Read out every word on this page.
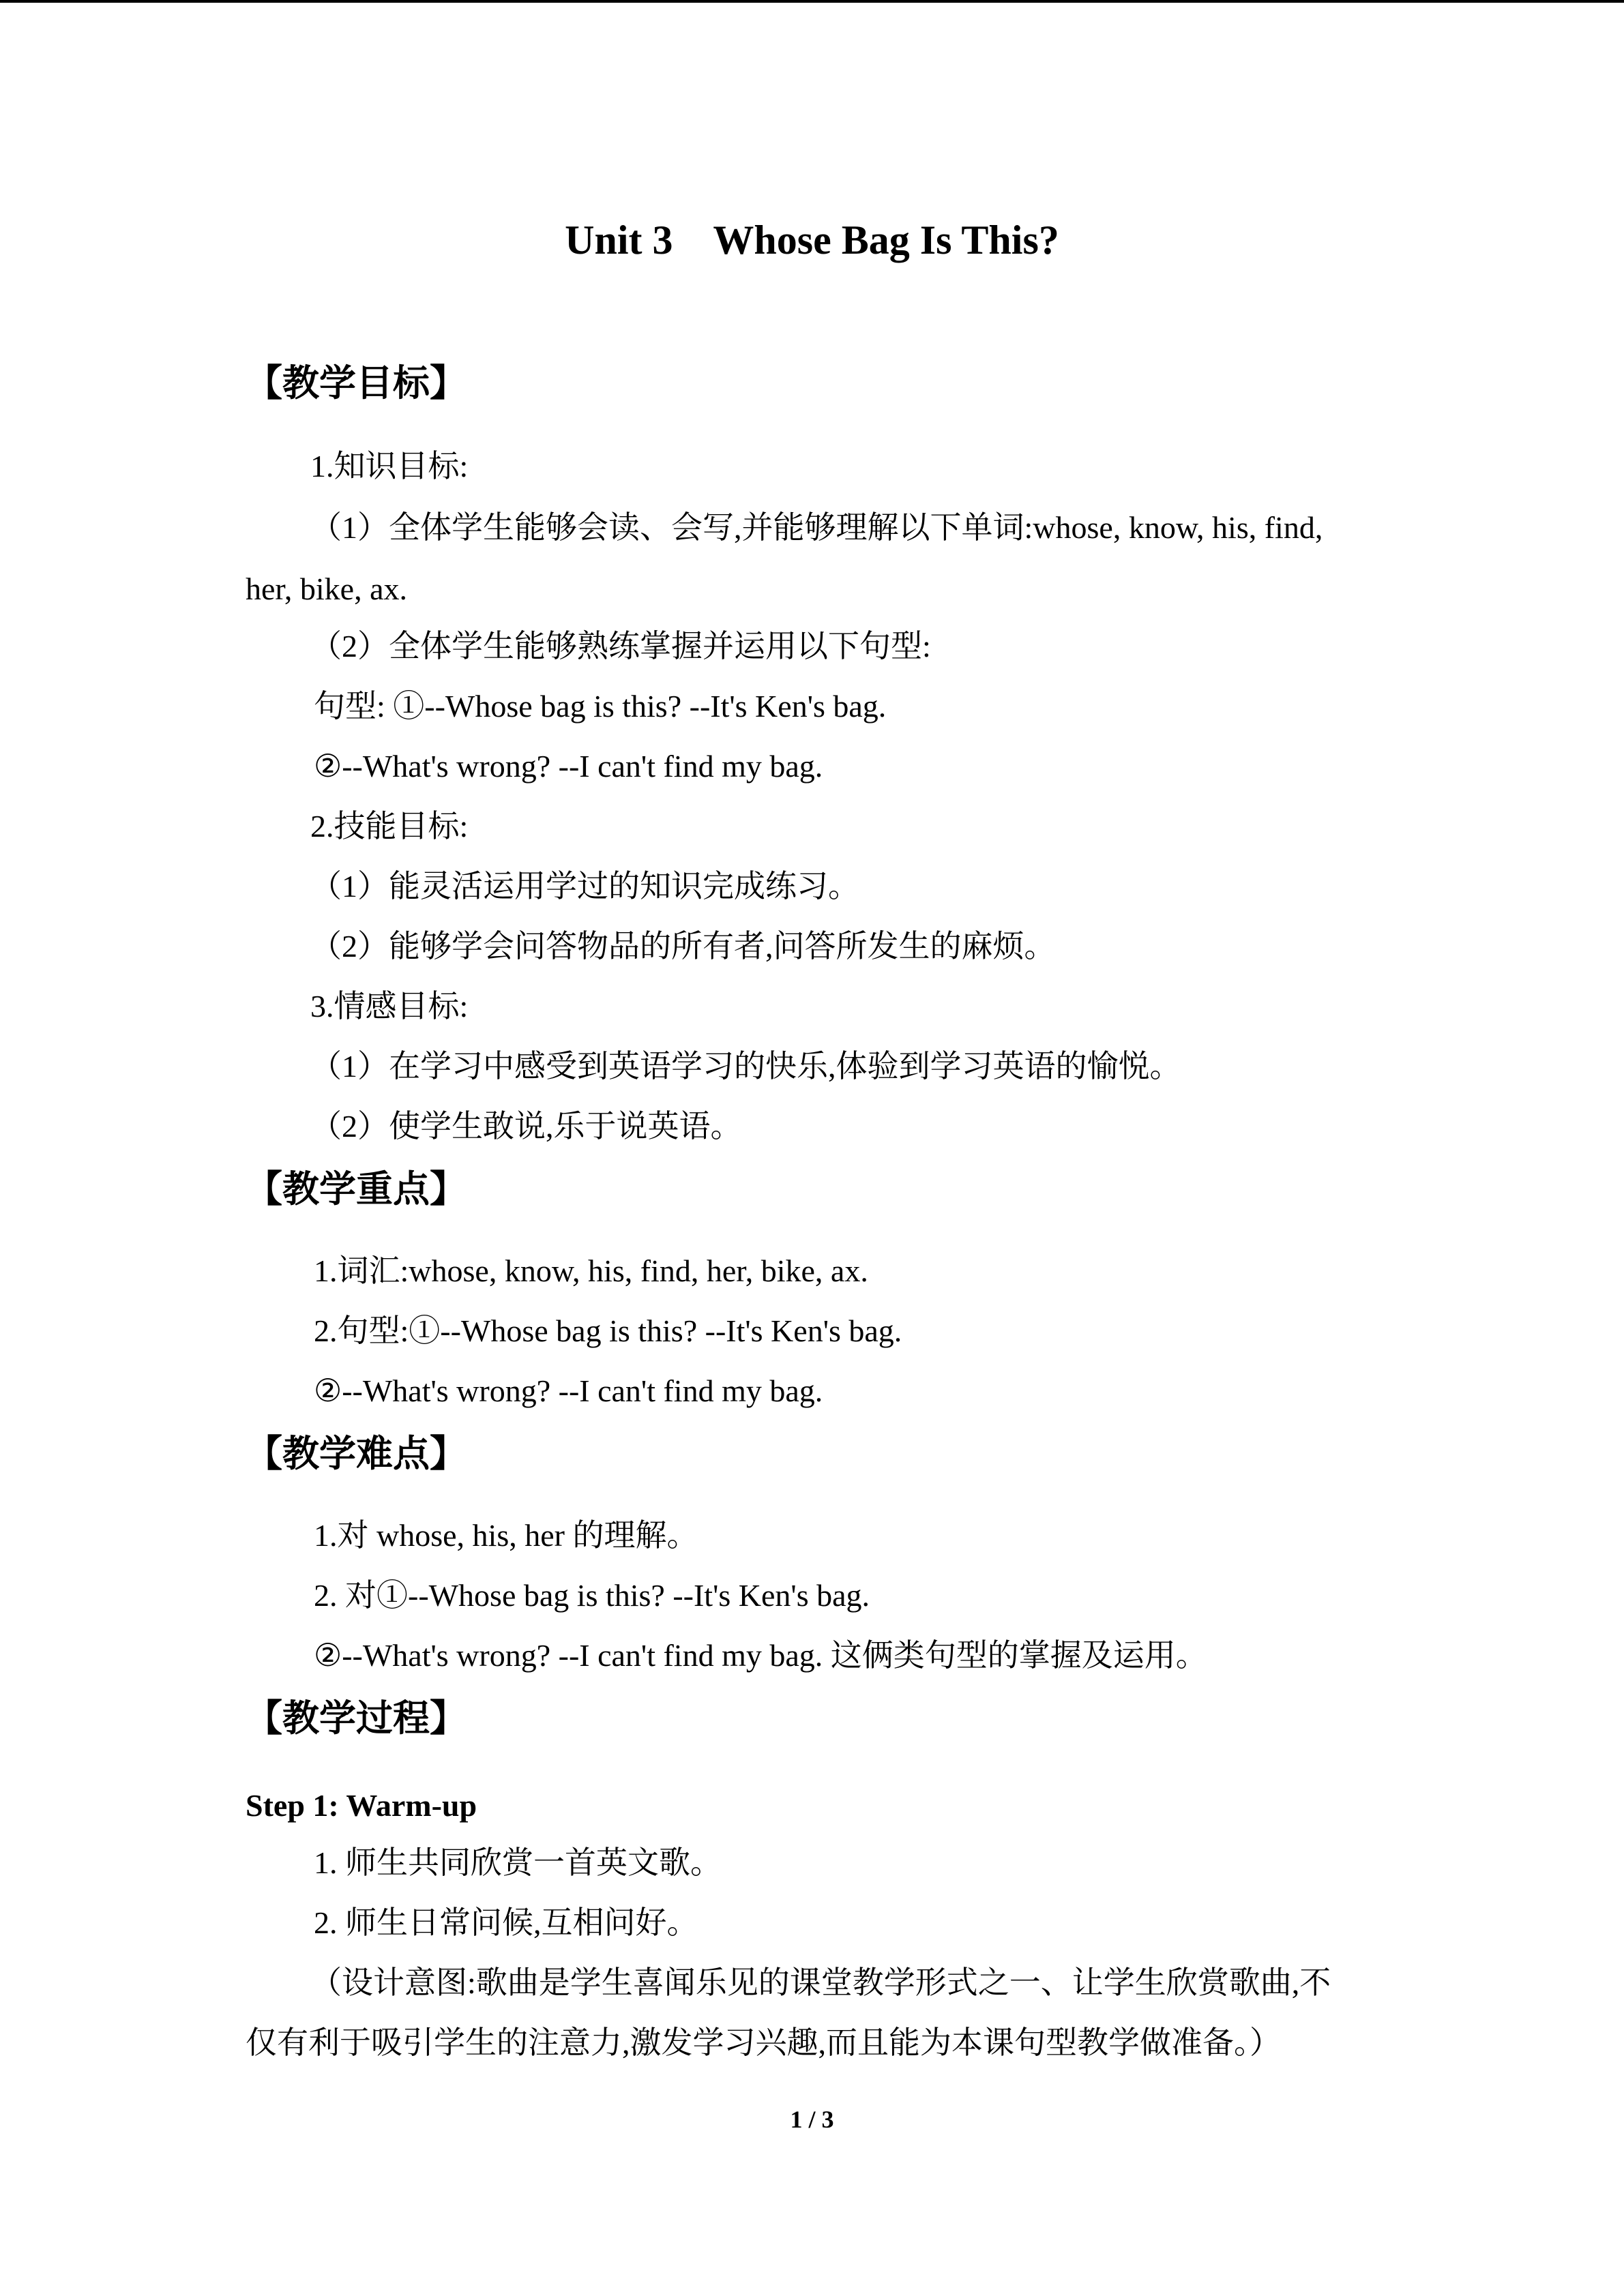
Unit 3    Whose Bag Is This?
【教学目标】
1.知识目标:
（1）全体学生能够会读、会写,并能够理解以下单词:whose, know, his, find,
her, bike, ax.
（2）全体学生能够熟练掌握并运用以下句型:
句型: ①--Whose bag is this? --It's Ken's bag.
②--What's wrong? --I can't find my bag.
2.技能目标:
（1）能灵活运用学过的知识完成练习。
（2）能够学会问答物品的所有者,问答所发生的麻烦。
3.情感目标:
（1）在学习中感受到英语学习的快乐,体验到学习英语的愉悦。
（2）使学生敢说,乐于说英语。
【教学重点】
1.词汇:whose, know, his, find, her, bike, ax.
2.句型:①--Whose bag is this? --It's Ken's bag.
②--What's wrong? --I can't find my bag.
【教学难点】
1.对 whose, his, her 的理解。
2. 对①--Whose bag is this? --It's Ken's bag.
②--What's wrong? --I can't find my bag. 这俩类句型的掌握及运用。
【教学过程】
Step 1: Warm-up
1. 师生共同欣赏一首英文歌。
2. 师生日常问候,互相问好。
（设计意图:歌曲是学生喜闻乐见的课堂教学形式之一、让学生欣赏歌曲,不
仅有利于吸引学生的注意力,激发学习兴趣,而且能为本课句型教学做准备。）
1 / 3
